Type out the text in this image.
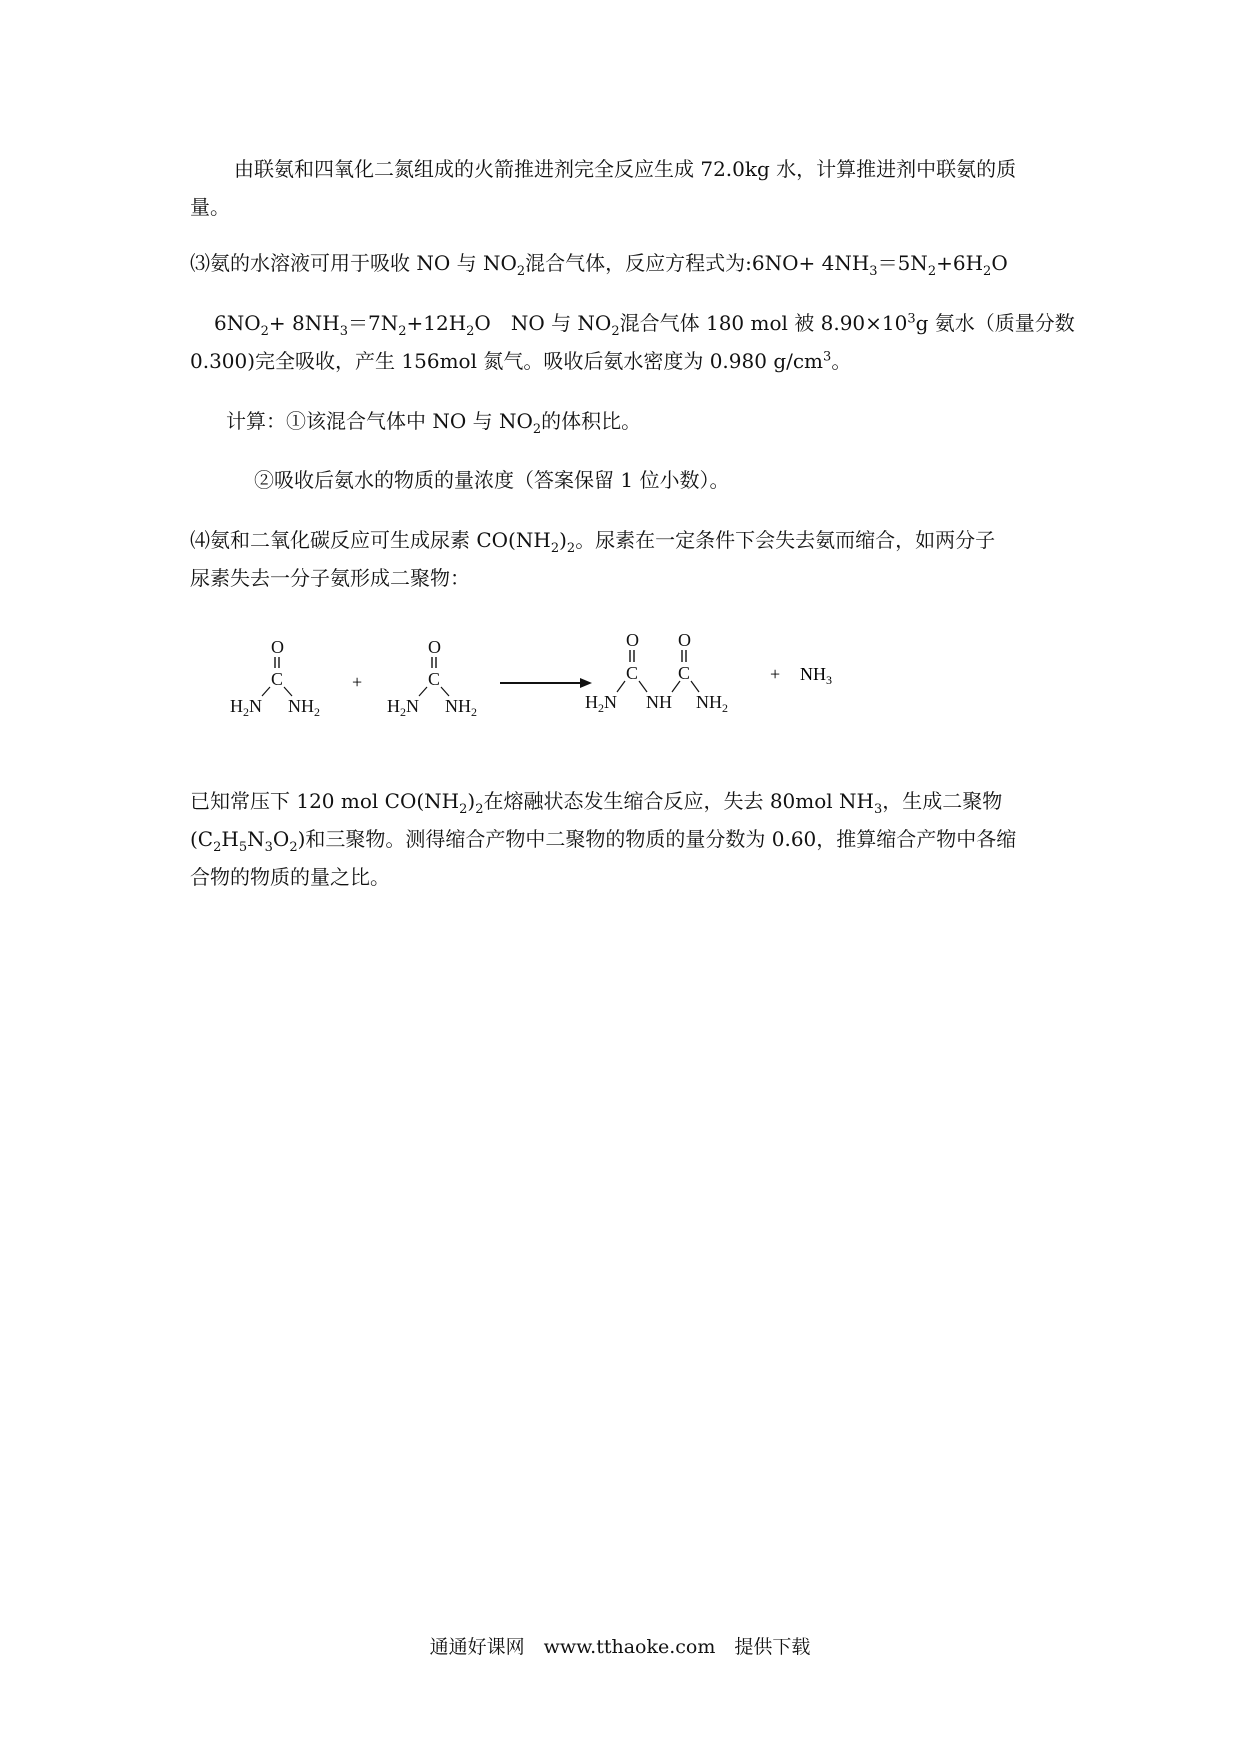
由联氨和四氧化二氮组成的火箭推进剂完全反应生成 72.0kg 水，计算推进剂中联氨的质
量。
⑶氨的水溶液可用于吸收 NO 与 $NO_2$混合气体，反应方程式为:6NO+ $4NH_3=5N_2+6H_2O$
$6NO_2+ 8NH_3=7N_2+12H_2O$　NO 与 $NO_2$混合气体 180 mol 被 $8.90\times 10^3g$ 氨水（质量分数
0.300)完全吸收，产生 156mol 氮气。吸收后氨水密度为 0.980 $g/cm^3$。
计算：①该混合气体中 NO 与 $NO_2$的体积比。
②吸收后氨水的物质的量浓度（答案保留 1 位小数）。
⑷氨和二氧化碳反应可生成尿素 $CO(NH_2)_2$。尿素在一定条件下会失去氨而缩合，如两分子
尿素失去一分子氨形成二聚物：
O
C
$H_2N$ $NH_2$
+
O
C
$H_2N$ $NH_2$
O
C
$H_2N$ NH
O
C
$NH_2$
+ $NH_3$
已知常压下 120 mol $CO(NH_2)_2$在熔融状态发生缩合反应，失去 80mol $NH_3$，生成二聚物
$(C_2H_5N_3O_2)$和三聚物。测得缩合产物中二聚物的物质的量分数为 0.60，推算缩合产物中各缩
合物的物质的量之比。
通通好课网　www.tthaoke.com　提供下载
